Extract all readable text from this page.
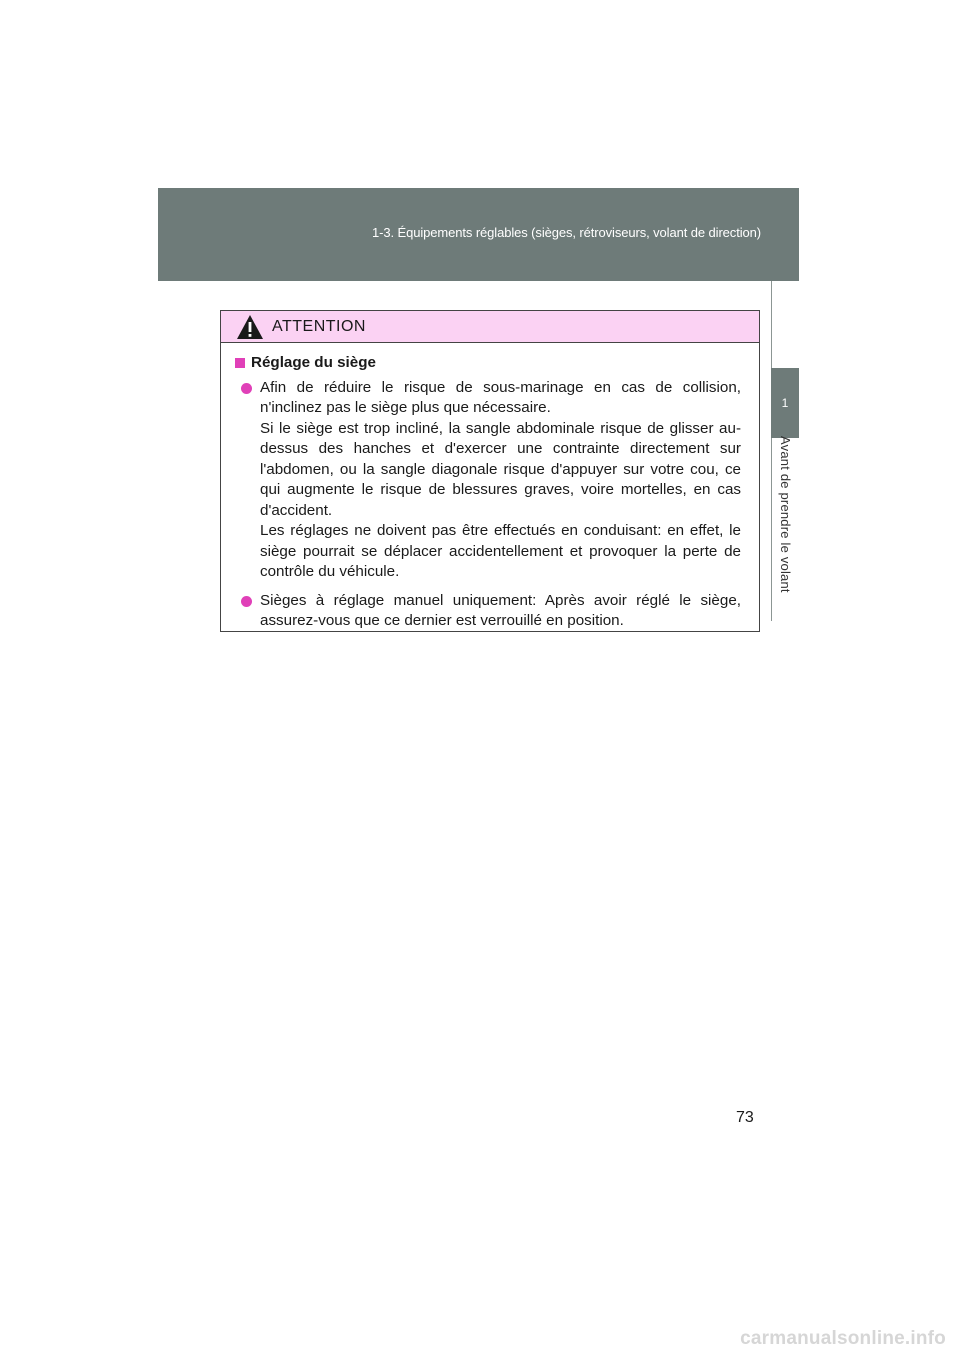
1-3. Équipements réglables (sièges, rétroviseurs, volant de direction)
1
Avant de prendre le volant
ATTENTION
Réglage du siège

Afin de réduire le risque de sous-marinage en cas de collision, n'inclinez pas le siège plus que nécessaire.

Si le siège est trop incliné, la sangle abdominale risque de glisser au-dessus des hanches et d'exercer une contrainte directement sur l'abdomen, ou la sangle diagonale risque d'appuyer sur votre cou, ce qui augmente le risque de blessures graves, voire mortelles, en cas d'accident.

Les réglages ne doivent pas être effectués en conduisant: en effet, le siège pourrait se déplacer accidentellement et provoquer la perte de contrôle du véhicule.

Sièges à réglage manuel uniquement: Après avoir réglé le siège, assurez-vous que ce dernier est verrouillé en position.

73
carmanualsonline.info
